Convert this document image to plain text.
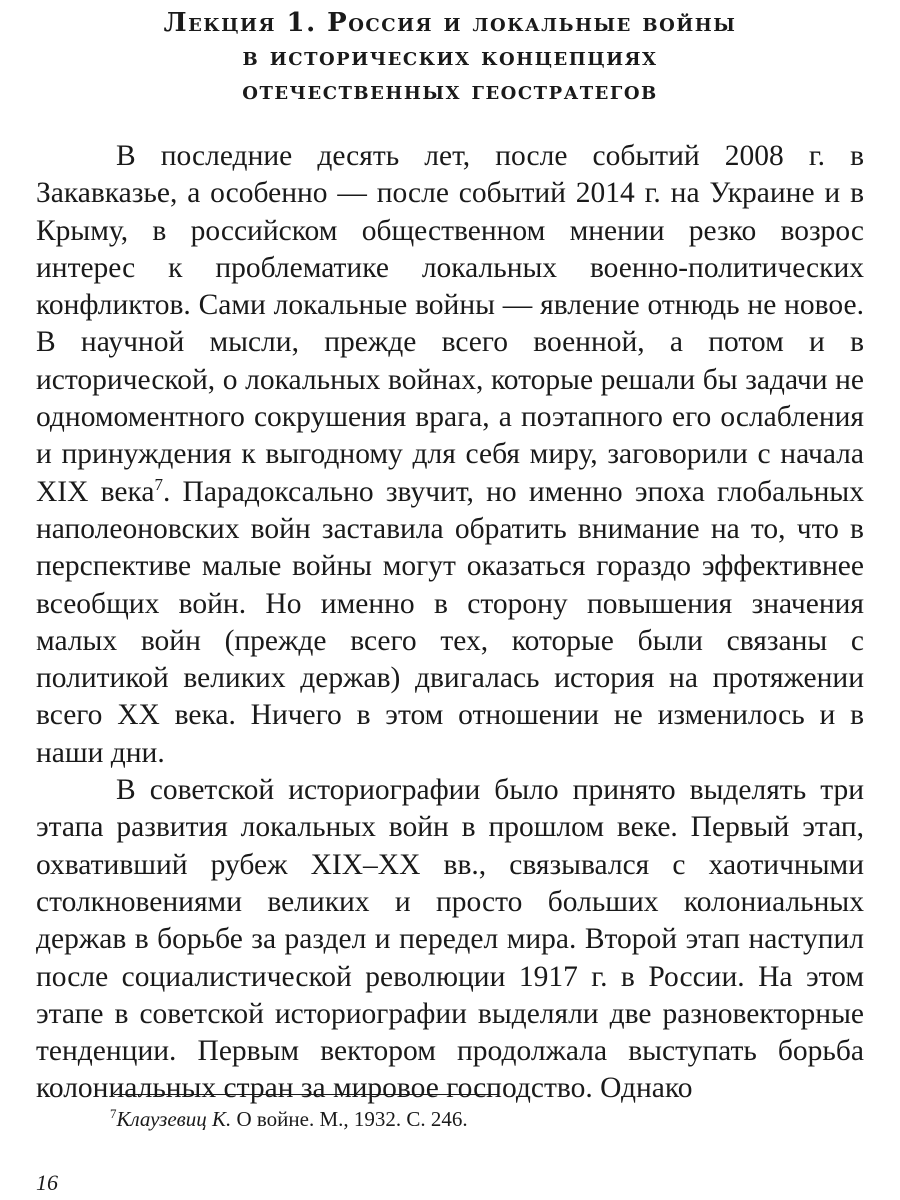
Лекция 1. Россия и локальные войны
в исторических концепциях
отечественных геостратегов

В последние десять лет, после событий 2008 г. в Закавказье, а особенно — после событий 2014 г. на Украине и в Крыму, в российском общественном мнении резко возрос интерес к проблематике локальных военно-политических конфликтов. Сами локальные войны — явление отнюдь не новое. В научной мысли, прежде всего военной, а потом и в исторической, о локальных войнах, которые решали бы задачи не одномоментного сокрушения врага, а поэтапного его ослабления и принуждения к выгодному для себя миру, заговорили с начала XIX века$^7$. Парадоксально звучит, но именно эпоха глобальных наполеоновских войн заставила обратить внимание на то, что в перспективе малые войны могут оказаться гораздо эффективнее всеобщих войн. Но именно в сторону повышения значения малых войн (прежде всего тех, которые были связаны с политикой великих держав) двигалась история на протяжении всего XX века. Ничего в этом отношении не изменилось и в наши дни.

В советской историографии было принято выделять три этапа развития локальных войн в прошлом веке. Первый этап, охвативший рубеж XIX–XX вв., связывался с хаотичными столкновениями великих и просто больших колониальных держав в борьбе за раздел и передел мира. Второй этап наступил после социалистической революции 1917 г. в России. На этом этапе в советской историографии выделяли две разновекторные тенденции. Первым вектором продолжала выступать борьба колониальных стран за мировое господство. Однако

$^7$Клаузевиц К. О войне. М., 1932. С. 246.
16
